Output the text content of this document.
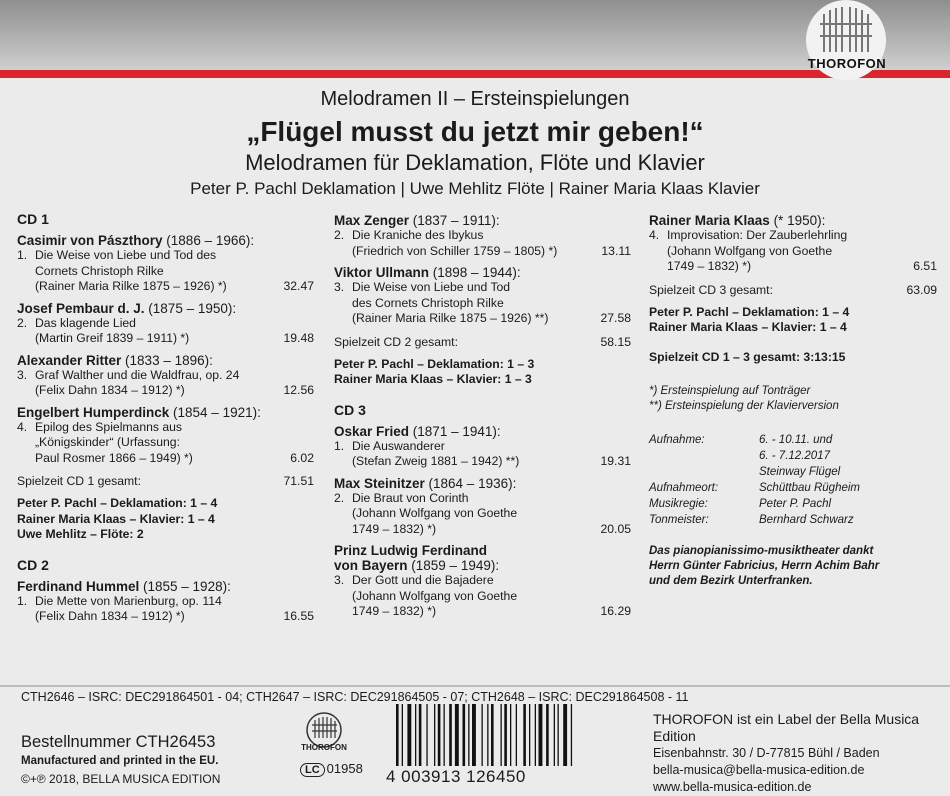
THOROFON
Melodramen II – Ersteinspielungen
„Flügel musst du jetzt mir geben!“
Melodramen für Deklamation, Flöte und Klavier
Peter P. Pachl Deklamation | Uwe Mehlitz Flöte | Rainer Maria Klaas Klavier
CD 1
Casimir von Pászthory (1886 – 1966):
1. Die Weise von Liebe und Tod des
Cornets Christoph Rilke
(Rainer Maria Rilke 1875 – 1926) *)	32.47
Josef Pembaur d. J. (1875 – 1950):
2. Das klagende Lied
(Martin Greif 1839 – 1911) *)	19.48
Alexander Ritter (1833 – 1896):
3. Graf Walther und die Waldfrau, op. 24
(Felix Dahn 1834 – 1912) *)	12.56
Engelbert Humperdinck (1854 – 1921):
4. Epilog des Spielmanns aus
„Königskinder“ (Urfassung:
Paul Rosmer 1866 – 1949) *)	6.02
Spielzeit CD 1 gesamt:	71.51
Peter P. Pachl – Deklamation: 1 – 4
Rainer Maria Klaas – Klavier: 1 – 4
Uwe Mehlitz – Flöte: 2
CD 2
Ferdinand Hummel (1855 – 1928):
1. Die Mette von Marienburg, op. 114
(Felix Dahn 1834 – 1912) *)	16.55
Max Zenger (1837 – 1911):
2. Die Kraniche des Ibykus
(Friedrich von Schiller 1759 – 1805) *)	13.11
Viktor Ullmann (1898 – 1944):
3. Die Weise von Liebe und Tod
des Cornets Christoph Rilke
(Rainer Maria Rilke 1875 – 1926) **)	27.58
Spielzeit CD 2 gesamt:	58.15
Peter P. Pachl – Deklamation: 1 – 3
Rainer Maria Klaas – Klavier: 1 – 3
CD 3
Oskar Fried (1871 – 1941):
1. Die Auswanderer
(Stefan Zweig 1881 – 1942) **)	19.31
Max Steinitzer (1864 – 1936):
2. Die Braut von Corinth
(Johann Wolfgang von Goethe
1749 – 1832) *)	20.05
Prinz Ludwig Ferdinand
von Bayern (1859 – 1949):
3. Der Gott und die Bajadere
(Johann Wolfgang von Goethe
1749 – 1832) *)	16.29
Rainer Maria Klaas (* 1950):
4. Improvisation: Der Zauberlehrling
(Johann Wolfgang von Goethe
1749 – 1832) *)	6.51
Spielzeit CD 3 gesamt:	63.09
Peter P. Pachl – Deklamation: 1 – 4
Rainer Maria Klaas – Klavier: 1 – 4
Spielzeit CD 1 – 3 gesamt: 3:13:15
*) Ersteinspielung auf Tonträger
**) Ersteinspielung der Klavierversion
Aufnahme:	6. - 10.11. und
6. - 7.12.2017
Steinway Flügel
Aufnahmeort:	Schüttbau Rügheim
Musikregie:	Peter P. Pachl
Tonmeister:	Bernhard Schwarz
Das pianopianissimo-musiktheater dankt
Herrn Günter Fabricius, Herrn Achim Bahr
und dem Bezirk Unterfranken.
CTH2646 – ISRC: DEC291864501 - 04; CTH2647 – ISRC: DEC291864505 - 07; CTH2648 – ISRC: DEC291864508 - 11
Bestellnummer CTH26453
Manufactured and printed in the EU.
©+℗ 2018, BELLA MUSICA EDITION
THOROFON
LC 01958 4 003913 126450
THOROFON ist ein Label der Bella Musica Edition
Eisenbahnstr. 30 / D-77815 Bühl / Baden
bella-musica@bella-musica-edition.de
www.bella-musica-edition.de
